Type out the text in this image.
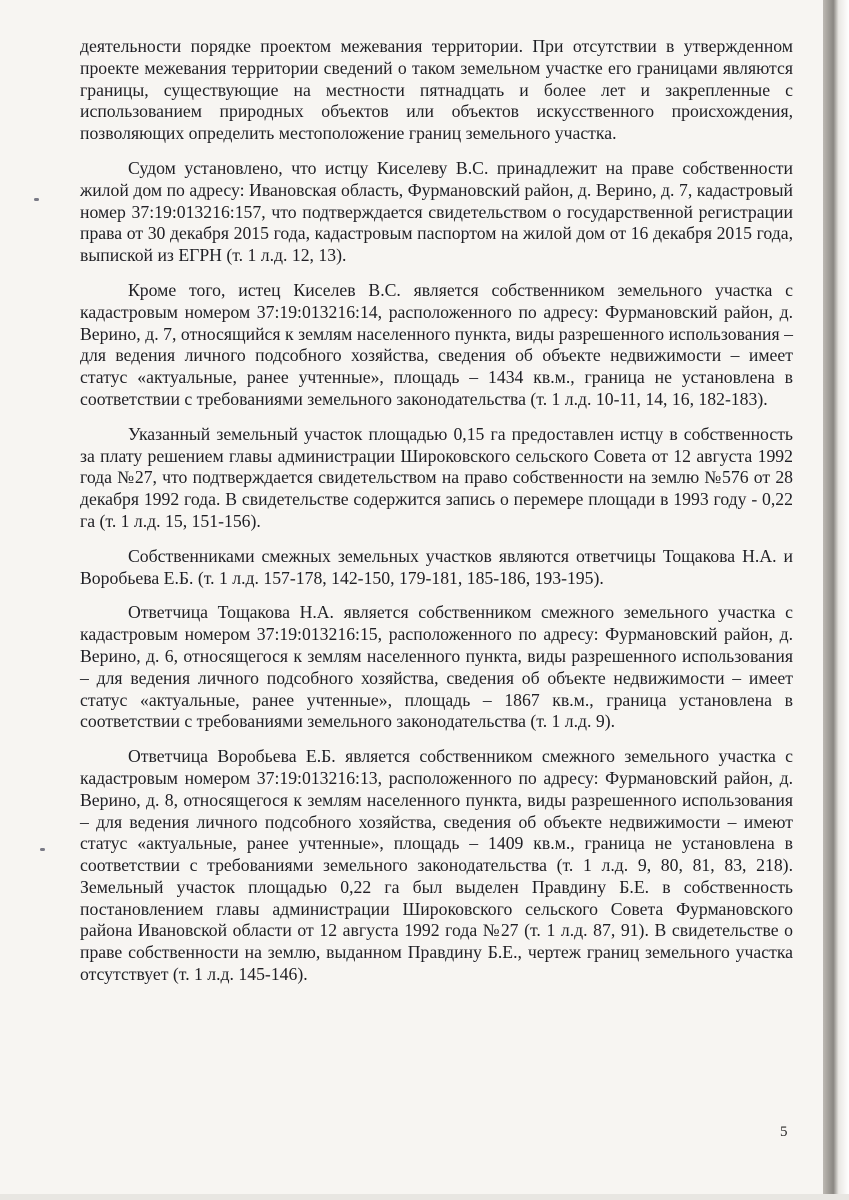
деятельности порядке проектом межевания территории. При отсутствии в утвержденном проекте межевания территории сведений о таком земельном участке его границами являются границы, существующие на местности пятнадцать и более лет и закрепленные с использованием природных объектов или объектов искусственного происхождения, позволяющих определить местоположение границ земельного участка.

Судом установлено, что истцу Киселеву В.С. принадлежит на праве собственности жилой дом по адресу: Ивановская область, Фурмановский район, д. Верино, д. 7, кадастровый номер 37:19:013216:157, что подтверждается свидетельством о государственной регистрации права от 30 декабря 2015 года, кадастровым паспортом на жилой дом от 16 декабря 2015 года, выпиской из ЕГРН (т. 1 л.д. 12, 13).

Кроме того, истец Киселев В.С. является собственником земельного участка с кадастровым номером 37:19:013216:14, расположенного по адресу: Фурмановский район, д. Верино, д. 7, относящийся к землям населенного пункта, виды разрешенного использования – для ведения личного подсобного хозяйства, сведения об объекте недвижимости – имеет статус «актуальные, ранее учтенные», площадь – 1434 кв.м., граница не установлена в соответствии с требованиями земельного законодательства (т. 1 л.д. 10-11, 14, 16, 182-183).

Указанный земельный участок площадью 0,15 га предоставлен истцу в собственность за плату решением главы администрации Широковского сельского Совета от 12 августа 1992 года №27, что подтверждается свидетельством на право собственности на землю №576 от 28 декабря 1992 года. В свидетельстве содержится запись о перемере площади в 1993 году - 0,22 га (т. 1 л.д. 15, 151-156).

Собственниками смежных земельных участков являются ответчицы Тощакова Н.А. и Воробьева Е.Б. (т. 1 л.д. 157-178, 142-150, 179-181, 185-186, 193-195).

Ответчица Тощакова Н.А. является собственником смежного земельного участка с кадастровым номером 37:19:013216:15, расположенного по адресу: Фурмановский район, д. Верино, д. 6, относящегося к землям населенного пункта, виды разрешенного использования – для ведения личного подсобного хозяйства, сведения об объекте недвижимости – имеет статус «актуальные, ранее учтенные», площадь – 1867 кв.м., граница установлена в соответствии с требованиями земельного законодательства (т. 1 л.д. 9).

Ответчица Воробьева Е.Б. является собственником смежного земельного участка с кадастровым номером 37:19:013216:13, расположенного по адресу: Фурмановский район, д. Верино, д. 8, относящегося к землям населенного пункта, виды разрешенного использования – для ведения личного подсобного хозяйства, сведения об объекте недвижимости – имеют статус «актуальные, ранее учтенные», площадь – 1409 кв.м., граница не установлена в соответствии с требованиями земельного законодательства (т. 1 л.д. 9, 80, 81, 83, 218). Земельный участок площадью 0,22 га был выделен Правдину Б.Е. в собственность постановлением главы администрации Широковского сельского Совета Фурмановского района Ивановской области от 12 августа 1992 года №27 (т. 1 л.д. 87, 91). В свидетельстве о праве собственности на землю, выданном Правдину Б.Е., чертеж границ земельного участка отсутствует (т. 1 л.д. 145-146).

5
